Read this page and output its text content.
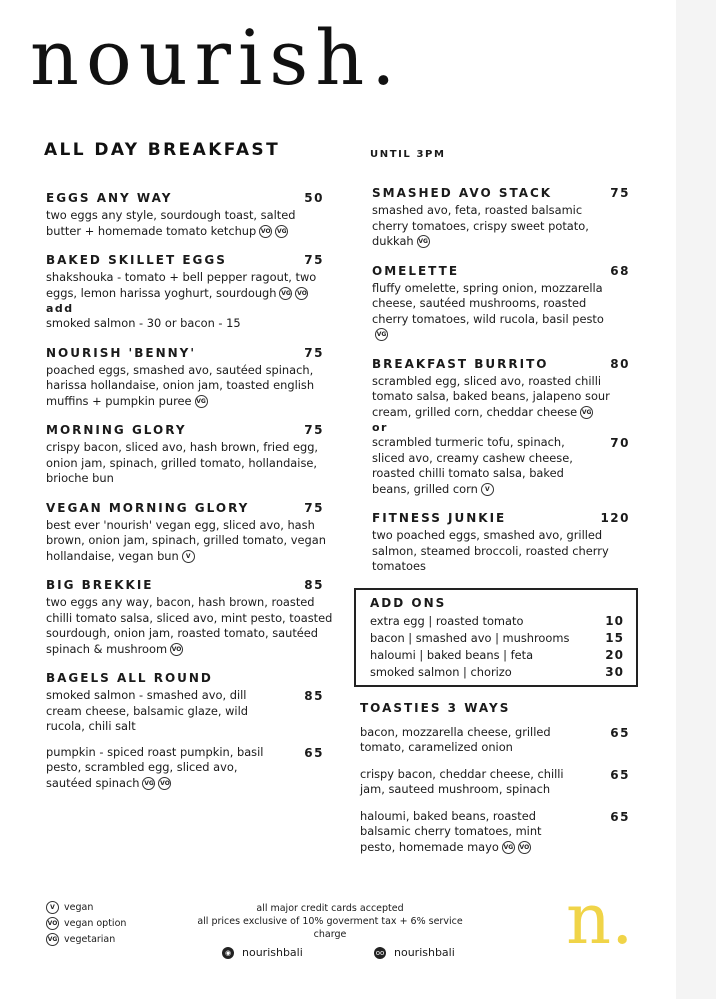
nourish.
ALL DAY BREAKFAST
EGGS ANY WAY	50
two eggs any style, sourdough toast, salted butter + homemade tomato ketchup VO VG
BAKED SKILLET EGGS	75
shakshouka - tomato + bell pepper ragout, two eggs, lemon harissa yoghurt, sourdough VG VO
add
smoked salmon - 30 or bacon - 15
NOURISH 'BENNY'	75
poached eggs, smashed avo, sautéed spinach, harissa hollandaise, onion jam, toasted english muffins + pumpkin puree VG
MORNING GLORY	75
crispy bacon, sliced avo, hash brown, fried egg, onion jam, spinach, grilled tomato, hollandaise, brioche bun
VEGAN MORNING GLORY	75
best ever 'nourish' vegan egg, sliced avo, hash brown, onion jam, spinach, grilled tomato, vegan hollandaise, vegan bun V
BIG BREKKIE	85
two eggs any way, bacon, hash brown, roasted chilli tomato salsa, sliced avo, mint pesto, toasted sourdough, onion jam, roasted tomato, sautéed spinach & mushroom VO
BAGELS ALL ROUND
85
smoked salmon - smashed avo, dill cream cheese, balsamic glaze, wild rucola, chili salt
65
pumpkin - spiced roast pumpkin, basil pesto, scrambled egg, sliced avo, sautéed spinach VG VO
UNTIL 3PM
SMASHED AVO STACK	75
smashed avo, feta, roasted balsamic cherry tomatoes, crispy sweet potato, dukkah VG
OMELETTE	68
fluffy omelette, spring onion, mozzarella cheese, sautéed mushrooms, roasted cherry tomatoes, wild rucola, basil pestoVG
BREAKFAST BURRITO	80
scrambled egg, sliced avo, roasted chilli tomato salsa, baked beans, jalapeno sour cream, grilled corn, cheddar cheese VG
or
70
scrambled turmeric tofu, spinach, sliced avo, creamy cashew cheese, roasted chilli tomato salsa, baked beans, grilled corn V
FITNESS JUNKIE	120
two poached eggs, smashed avo, grilled salmon, steamed broccoli, roasted cherry tomatoes
ADD ONS
extra egg | roasted tomato	10
bacon | smashed avo | mushrooms	15
haloumi | baked beans | feta	20
smoked salmon | chorizo	30
TOASTIES 3 WAYS
65
bacon, mozzarella cheese, grilled tomato, caramelized onion
65
crispy bacon, cheddar cheese, chilli jam, sauteed mushroom, spinach
65
haloumi, baked beans, roasted balsamic cherry tomatoes, mint pesto, homemade mayo VG VO
V vegan
VO vegan option
VG vegetarian
all major credit cards accepted
all prices exclusive of 10% goverment tax + 6% service charge
◉ nourishbali	oo nourishbali n.
